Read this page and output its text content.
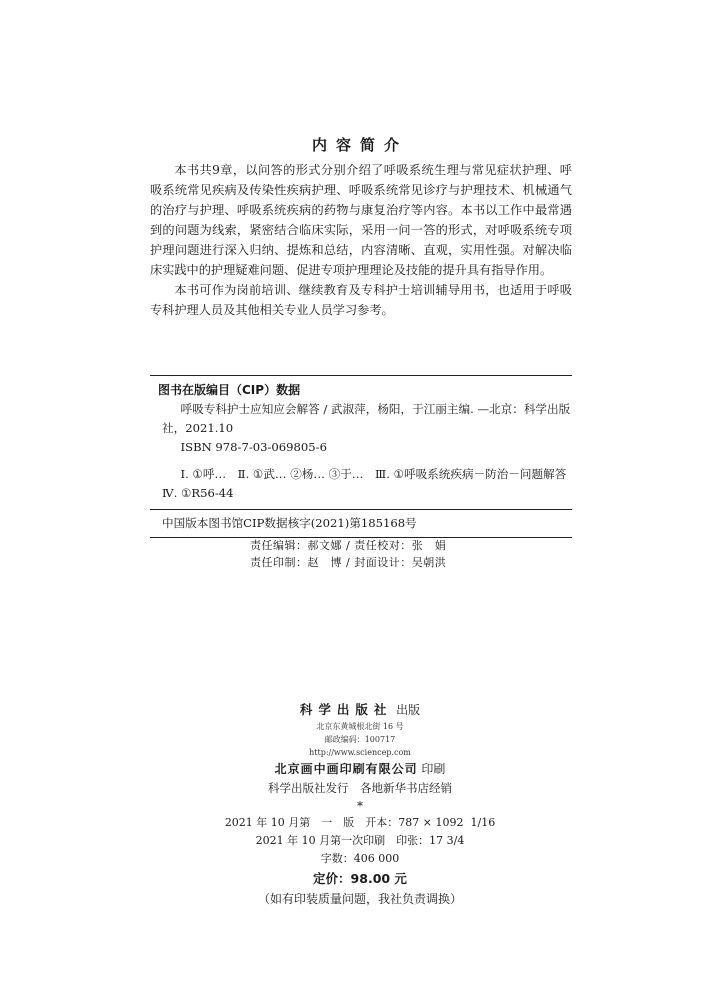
内容简介

本书共9章，以问答的形式分别介绍了呼吸系统生理与常见症状护理、呼吸系统常见疾病及传染性疾病护理、呼吸系统常见诊疗与护理技术、机械通气的治疗与护理、呼吸系统疾病的药物与康复治疗等内容。本书以工作中最常遇到的问题为线索，紧密结合临床实际，采用一问一答的形式，对呼吸系统专项护理问题进行深入归纳、提炼和总结，内容清晰、直观，实用性强。对解决临床实践中的护理疑难问题、促进专项护理理论及技能的提升具有指导作用。

本书可作为岗前培训、继续教育及专科护士培训辅导用书，也适用于呼吸专科护理人员及其他相关专业人员学习参考。

图书在版编目（CIP）数据
呼吸专科护士应知应会解答 / 武淑萍，杨阳，于江丽主编. —北京：科学出版社，2021.10
ISBN 978-7-03-069805-6
Ⅰ. ①呼…　Ⅱ. ①武… ②杨… ③于…　Ⅲ. ①呼吸系统疾病－防治－问题解答　Ⅳ. ①R56-44
中国版本图书馆CIP数据核字(2021)第185168号
责任编辑：郝文娜 / 责任校对：张　娟
责任印制：赵　博 / 封面设计：吴朝洪
科学出版社 出版
北京东黄城根北街 16 号
邮政编码：100717
http://www.sciencep.com
北京画中画印刷有限公司 印刷
科学出版社发行　各地新华书店经销
*
2021 年 10 月第　一　版　开本：787 × 1092  1/16
2021 年 10 月第一次印刷　印张：17 3/4
字数：406 000
定价：98.00 元
（如有印装质量问题，我社负责调换）
